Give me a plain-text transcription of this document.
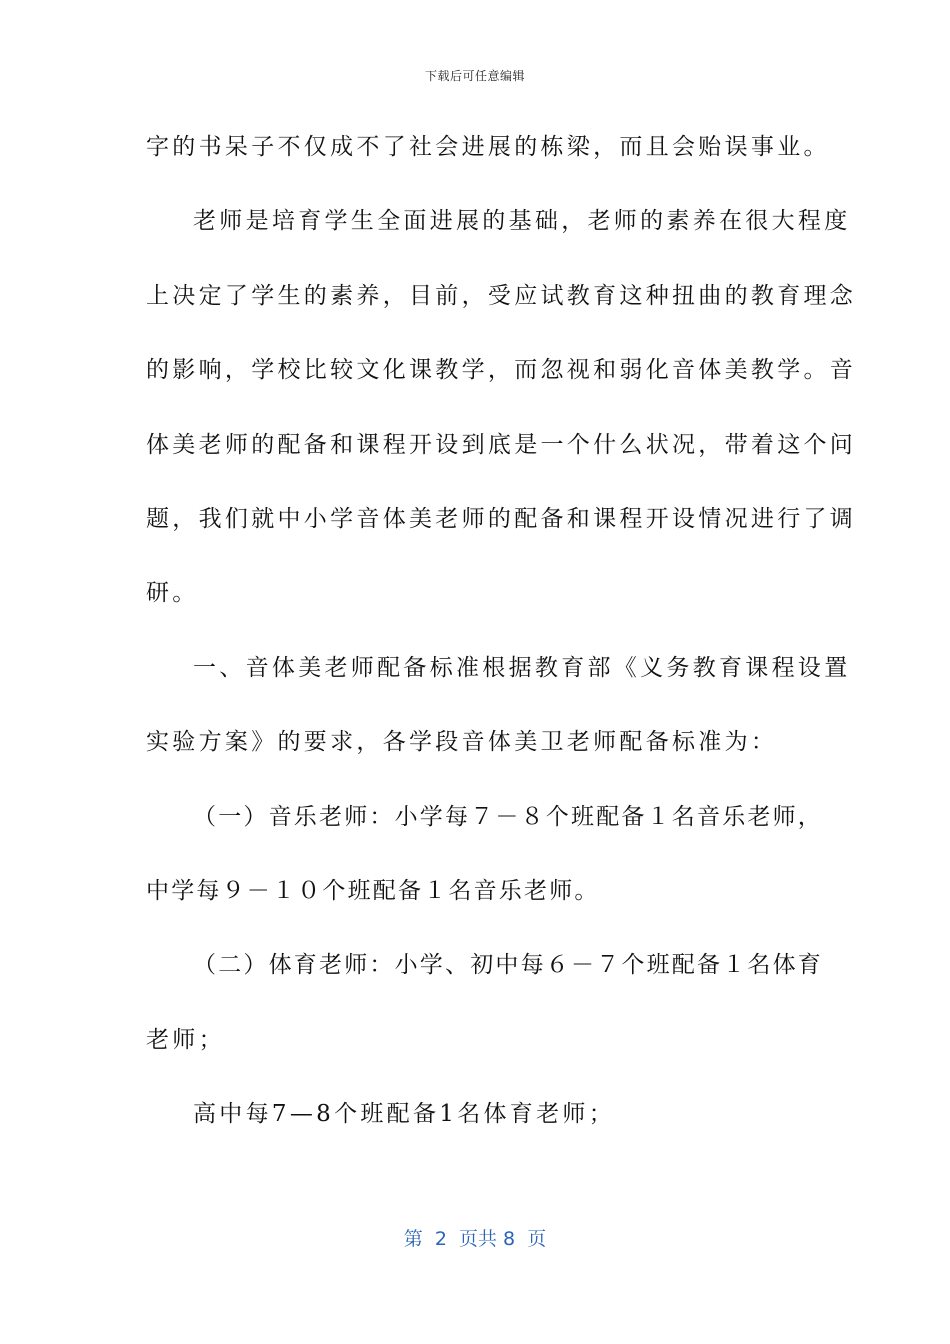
下载后可任意编辑
字的书呆子不仅成不了社会进展的栋梁，而且会贻误事业。
老师是培育学生全面进展的基础，老师的素养在很大程度
上决定了学生的素养，目前，受应试教育这种扭曲的教育理念
的影响，学校比较文化课教学，而忽视和弱化音体美教学。音
体美老师的配备和课程开设到底是一个什么状况，带着这个问
题，我们就中小学音体美老师的配备和课程开设情况进行了调
研。
一、音体美老师配备标准根据教育部《义务教育课程设置
实验方案》的要求，各学段音体美卫老师配备标准为：
（一）音乐老师：小学每７－８个班配备１名音乐老师，
中学每９－１０个班配备１名音乐老师。
（二）体育老师：小学、初中每６－７个班配备１名体育
老师；
高中每7—8个班配备1名体育老师；
第  2  页共 8  页
